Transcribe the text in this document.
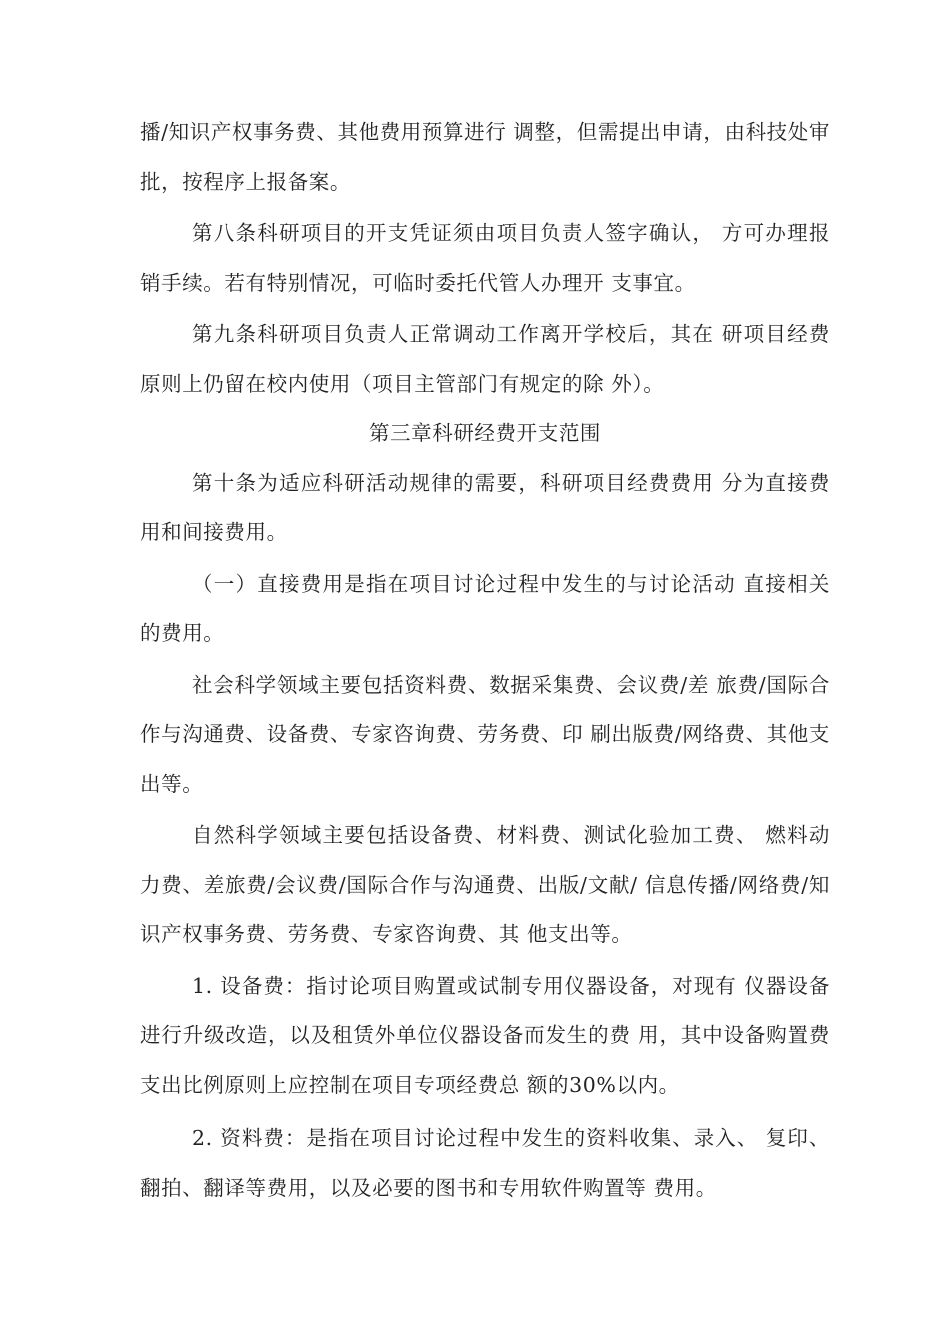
播/知识产权事务费、其他费用预算进行 调整，但需提出申请，由科技处审批，按程序上报备案。

第八条科研项目的开支凭证须由项目负责人签字确认， 方可办理报销手续。若有特别情况，可临时委托代管人办理开 支事宜。

第九条科研项目负责人正常调动工作离开学校后，其在 研项目经费原则上仍留在校内使用（项目主管部门有规定的除 外）。

第三章科研经费开支范围

第十条为适应科研活动规律的需要，科研项目经费费用 分为直接费用和间接费用。

（一）直接费用是指在项目讨论过程中发生的与讨论活动 直接相关的费用。

社会科学领域主要包括资料费、数据采集费、会议费/差 旅费/国际合作与沟通费、设备费、专家咨询费、劳务费、印 刷出版费/网络费、其他支出等。

自然科学领域主要包括设备费、材料费、测试化验加工费、 燃料动力费、差旅费/会议费/国际合作与沟通费、出版/文献/ 信息传播/网络费/知识产权事务费、劳务费、专家咨询费、其 他支出等。

1. 设备费：指讨论项目购置或试制专用仪器设备，对现有 仪器设备进行升级改造，以及租赁外单位仪器设备而发生的费 用，其中设备购置费支出比例原则上应控制在项目专项经费总 额的30%以内。

2. 资料费：是指在项目讨论过程中发生的资料收集、录入、 复印、翻拍、翻译等费用，以及必要的图书和专用软件购置等 费用。
